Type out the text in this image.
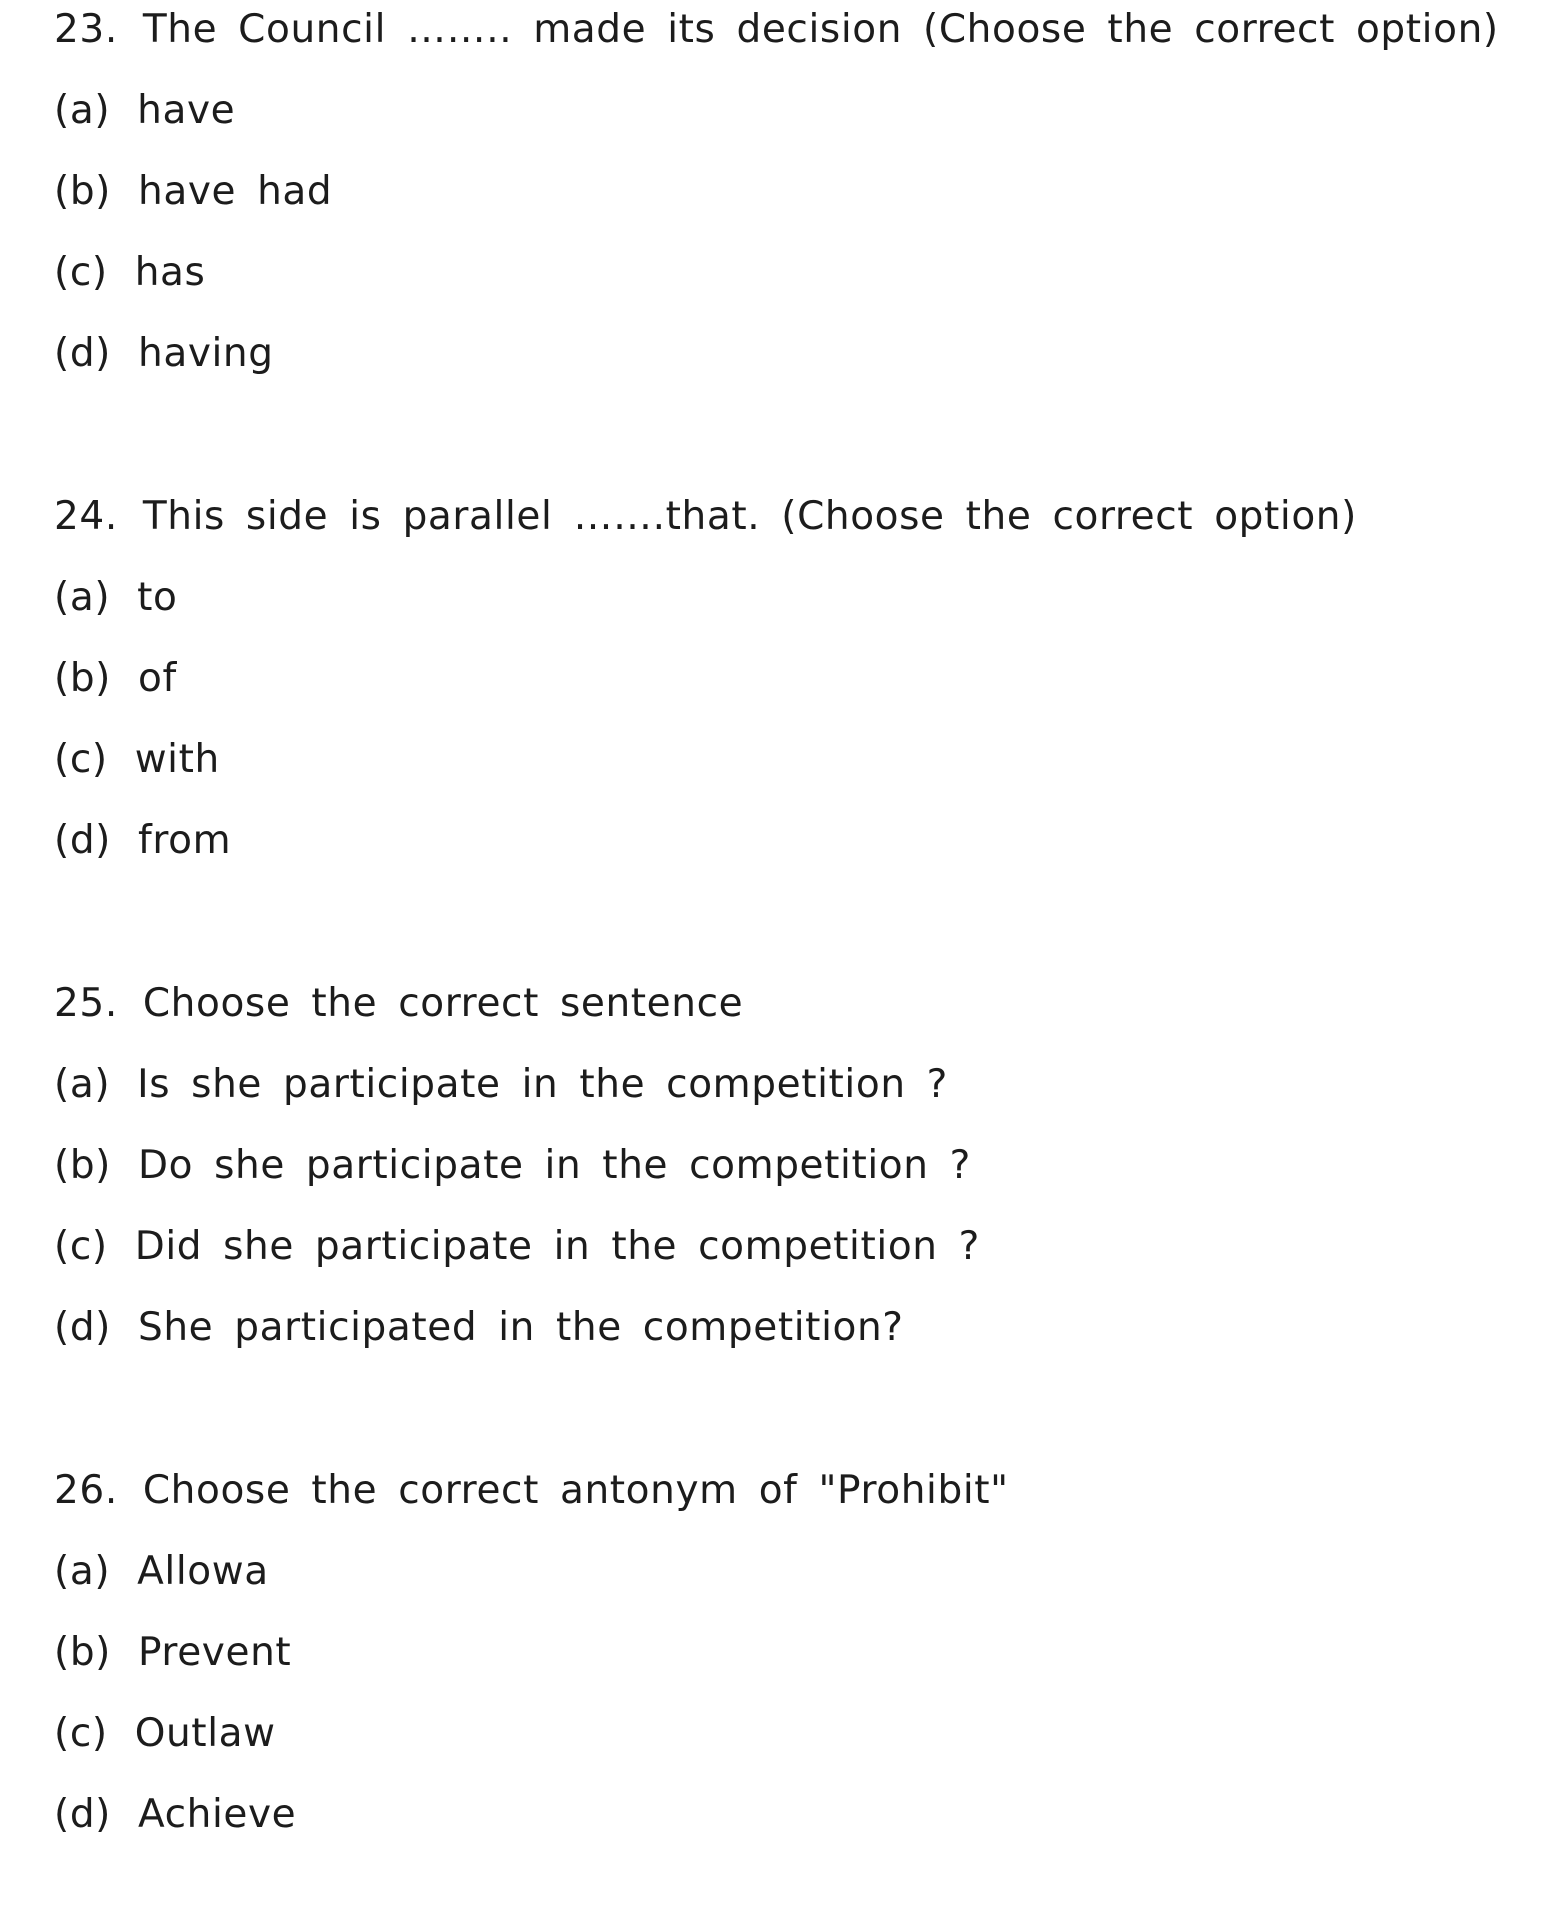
23. The Council …….. made its decision (Choose the correct option)
(a) have
(b) have had
(c) has
(d) having
24. This side is parallel …….that. (Choose the correct option)
(a) to
(b) of
(c) with
(d) from
25. Choose the correct sentence
(a) Is she participate in the competition ?
(b) Do she participate in the competition ?
(c) Did she participate in the competition ?
(d) She participated in the competition?
26. Choose the correct antonym of "Prohibit"
(a) Allowa
(b) Prevent
(c) Outlaw
(d) Achieve
